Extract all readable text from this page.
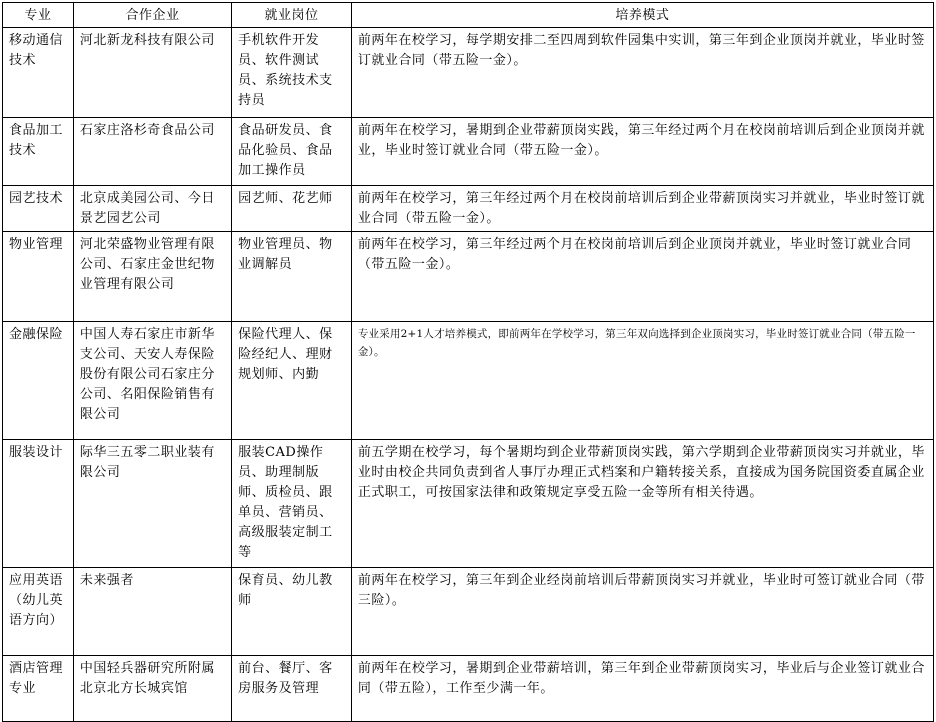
专业	合作企业	就业岗位	培养模式
移动通信技术	河北新龙科技有限公司	手机软件开发员、软件测试员、系统技术支持员	前两年在校学习，每学期安排二至四周到软件园集中实训，第三年到企业顶岗并就业，毕业时签订就业合同（带五险一金）。
食品加工技术	石家庄洛杉奇食品公司	食品研发员、食品化验员、食品加工操作员	前两年在校学习，暑期到企业带薪顶岗实践，第三年经过两个月在校岗前培训后到企业顶岗并就业，毕业时签订就业合同（带五险一金）。
园艺技术	北京成美园公司、今日景艺园艺公司	园艺师、花艺师	前两年在校学习，第三年经过两个月在校岗前培训后到企业带薪顶岗实习并就业，毕业时签订就业合同（带五险一金）。
物业管理	河北荣盛物业管理有限公司、石家庄金世纪物业管理有限公司	物业管理员、物业调解员	前两年在校学习，第三年经过两个月在校岗前培训后到企业顶岗并就业，毕业时签订就业合同（带五险一金）。
金融保险	中国人寿石家庄市新华支公司、天安人寿保险股份有限公司石家庄分公司、名阳保险销售有限公司	保险代理人、保险经纪人、理财规划师、内勤	专业采用2+1人才培养模式，即前两年在学校学习，第三年双向选择到企业顶岗实习，毕业时签订就业合同（带五险一金）。
服装设计	际华三五零二职业装有限公司	服装CAD操作员、助理制版师、质检员、跟单员、营销员、高级服装定制工等	前五学期在校学习，每个暑期均到企业带薪顶岗实践，第六学期到企业带薪顶岗实习并就业，毕业时由校企共同负责到省人事厅办理正式档案和户籍转接关系，直接成为国务院国资委直属企业正式职工，可按国家法律和政策规定享受五险一金等所有相关待遇。
应用英语（幼儿英语方向）	未来强者	保育员、幼儿教师	前两年在校学习，第三年到企业经岗前培训后带薪顶岗实习并就业，毕业时可签订就业合同（带三险）。
酒店管理专业	中国轻兵器研究所附属北京北方长城宾馆	前台、餐厅、客房服务及管理	前两年在校学习，暑期到企业带薪培训，第三年到企业带薪顶岗实习，毕业后与企业签订就业合同（带五险），工作至少满一年。
